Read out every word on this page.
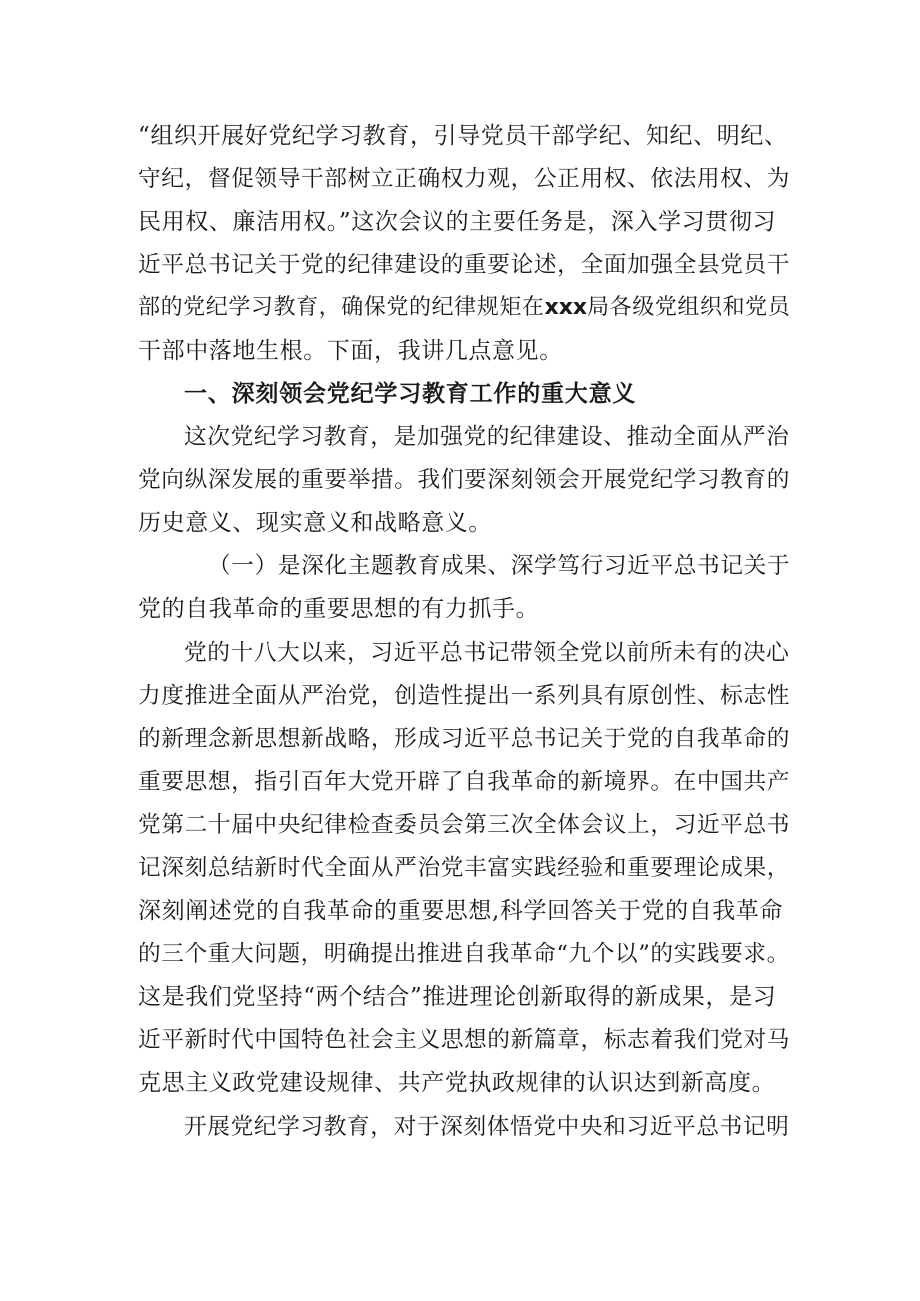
“组织开展好党纪学习教育，引导党员干部学纪、知纪、明纪、
守纪，督促领导干部树立正确权力观，公正用权、依法用权、为
民用权、廉洁用权。”这次会议的主要任务是，深入学习贯彻习
近平总书记关于党的纪律建设的重要论述，全面加强全县党员干
部的党纪学习教育，确保党的纪律规矩在xxx局各级党组织和党员
干部中落地生根。下面，我讲几点意见。
一、深刻领会党纪学习教育工作的重大意义
这次党纪学习教育，是加强党的纪律建设、推动全面从严治
党向纵深发展的重要举措。我们要深刻领会开展党纪学习教育的
历史意义、现实意义和战略意义。
（一）是深化主题教育成果、深学笃行习近平总书记关于
党的自我革命的重要思想的有力抓手。
党的十八大以来，习近平总书记带领全党以前所未有的决心
力度推进全面从严治党，创造性提出一系列具有原创性、标志性
的新理念新思想新战略，形成习近平总书记关于党的自我革命的
重要思想，指引百年大党开辟了自我革命的新境界。在中国共产
党第二十届中央纪律检查委员会第三次全体会议上，习近平总书
记深刻总结新时代全面从严治党丰富实践经验和重要理论成果，
深刻阐述党的自我革命的重要思想,科学回答关于党的自我革命
的三个重大问题，明确提出推进自我革命“九个以”的实践要求。
这是我们党坚持“两个结合”推进理论创新取得的新成果，是习
近平新时代中国特色社会主义思想的新篇章，标志着我们党对马
克思主义政党建设规律、共产党执政规律的认识达到新高度。
开展党纪学习教育，对于深刻体悟党中央和习近平总书记明
